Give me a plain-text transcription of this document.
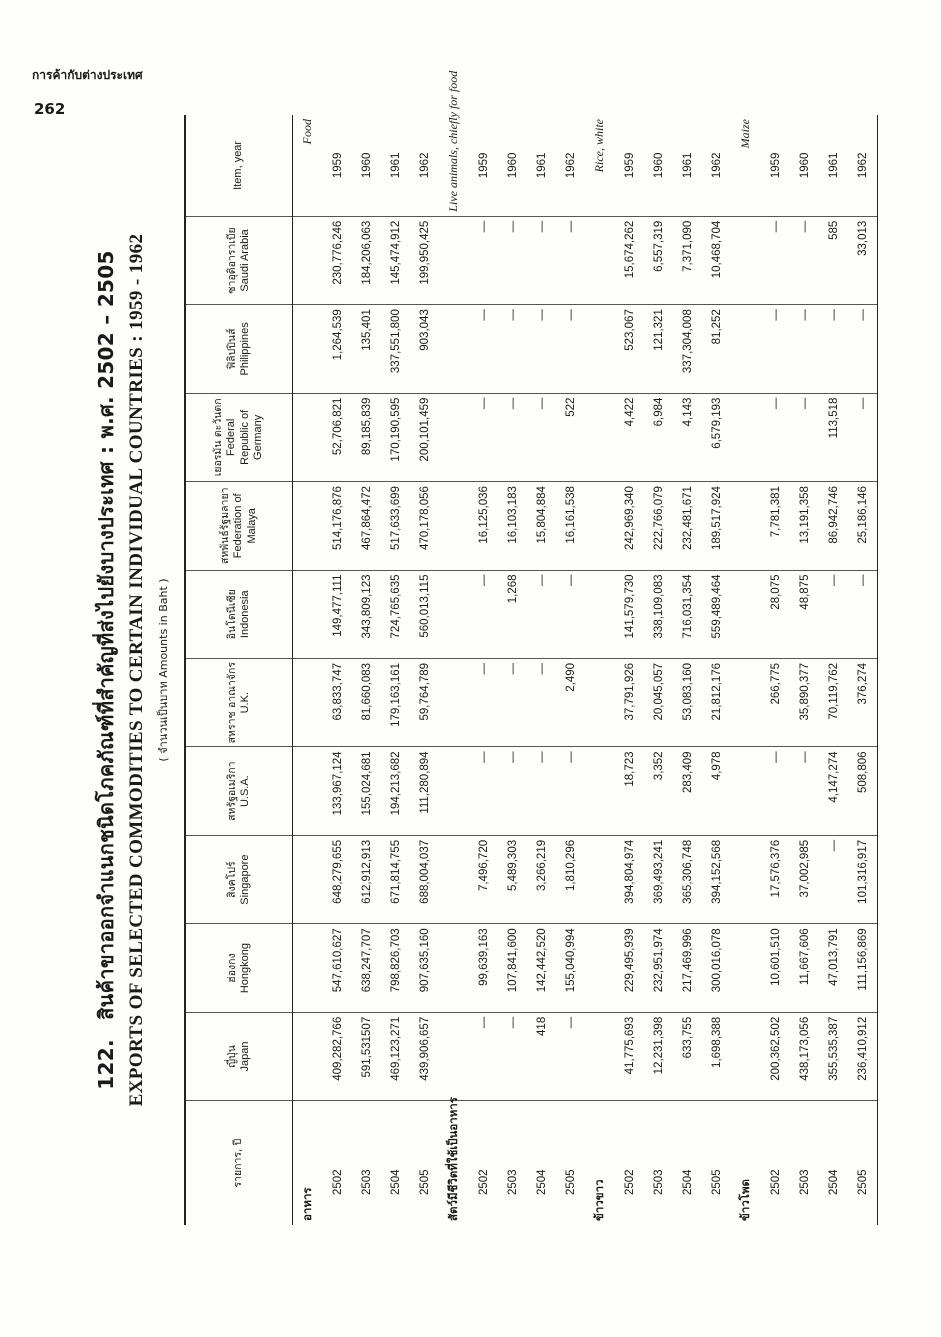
การค้ากับต่างประเทศ
262
122. สินค้าขาออกจำแนกชนิดโภคภัณฑ์ที่สำคัญที่ส่งไปยังบางประเทศ : พ.ศ. 2502 – 2505 EXPORTS OF SELECTED COMMODITIES TO CERTAIN INDIVIDUAL COUNTRIES : 1959 - 1962 ( จำนวนเป็นบาท Amounts in Baht )
รายการ, ปี	ญี่ปุ่น Japan	ฮ่องกง Hongkong	สิงคโปร์ Singapore	สหรัฐอเมริกา U.S.A.	สหราช อาณาจักร U.K.	อินโดนีเซีย Indonesia	สหพันธ์รัฐมลายา Federation of Malaya	เยอรมัน ตะวันตก Federal Republic of Germany	ฟิลิปปินส์ Philippines	ซาอุดิอาราเบีย Saudi Arabia	Item, year

อาหาร											Food

2502	409,282,766	547,610,627	648,279,655	133,967,124	63,833,747	149,477,111	514,176,876	52,706,821	1,264,539	230,776,246	1959
2503	591,531507	638,247,707	612,912,913	155,024,681	81,660,083	343,809,123	467,864,472	89,185,839	135,401	184,206,063	1960
2504	469,123,271	798,826,703	671,814,755	194,213,682	179,163,161	724,765,635	517,633,699	170,190,595	337,551,800	145,474,912	1961
2505	439,906,657	907,635,160	688,004,037	111,280,894	59,764,789	560,013,115	470,178,056	200,101,459	903,043	199,950,425	1962

สัตว์มีชีวิตที่ใช้เป็นอาหาร											Live animals, chiefly for food

2502	—	99,639,163	7,496,720	—	—	—	16,125,036	—	—	—	1959
2503	—	107,841,600	5,489,303	—	—	1,268	16,103,183	—	—	—	1960
2504	418	142,442,520	3,266,219	—	—	—	15,804,884	—	—	—	1961
2505	—	155,040,994	1,810,296	—	2,490	—	16,161,538	522	—	—	1962

ข้าวขาว											Rice, white

2502	41,775,693	229,495,939	394,804,974	18,723	37,791,926	141,579,730	242,969,340	4,422	523,067	15,674,262	1959
2503	12,231,398	232,951,974	369,493,241	3,352	20,045,057	338,109,083	222,766,079	6,984	121,321	6,557,319	1960
2504	633,755	217,469,996	365,306,748	283,409	53,083,160	716,031,354	232,481,671	4,143	337,304,008	7,371,090	1961
2505	1,698,388	300,016,078	394,152,568	4,978	21,812,176	559,489,464	189,517,924	6,579,193	81,252	10,468,704	1962

ข้าวโพด											Maize

2502	200,362,502	10,601,510	17,576,376	—	266,775	28,075	7,781,381	—	—	—	1959
2503	438,173,056	11,667,606	37,002,985	—	35,890,377	48,875	13,191,358	—	—	—	1960
2504	355,535,387	47,013,791	—	4,147,274	70,119,762	—	86,942,746	113,518	—	585	1961
2505	236,410,912	111,156,869	101,316,917	508,806	376,274	—	25,186,146	—	—	33,013	1962
